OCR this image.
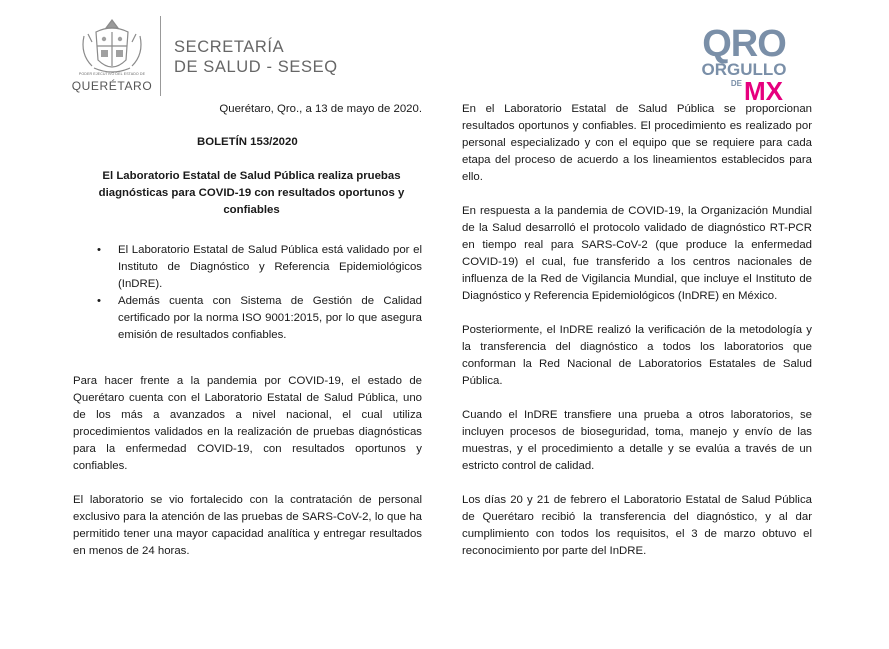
PODER EJECUTIVO DEL ESTADO DE
QUERÉTARO
SECRETARÍA
DE SALUD - SESEQ
QRO
ORGULLO
DE MX

Querétaro, Qro., a 13 de mayo de 2020.

BOLETÍN 153/2020

El Laboratorio Estatal de Salud Pública realiza pruebas diagnósticas para COVID-19 con resultados oportunos y confiables

• El Laboratorio Estatal de Salud Pública está validado por el Instituto de Diagnóstico y Referencia Epidemiológicos (InDRE).
• Además cuenta con Sistema de Gestión de Calidad certificado por la norma ISO 9001:2015, por lo que asegura emisión de resultados confiables.

Para hacer frente a la pandemia por COVID-19, el estado de Querétaro cuenta con el Laboratorio Estatal de Salud Pública, uno de los más a avanzados a nivel nacional, el cual utiliza procedimientos validados en la realización de pruebas diagnósticas para la enfermedad COVID-19, con resultados oportunos y confiables.

El laboratorio se vio fortalecido con la contratación de personal exclusivo para la atención de las pruebas de SARS-CoV-2, lo que ha permitido tener una mayor capacidad analítica y entregar resultados en menos de 24 horas.

En el Laboratorio Estatal de Salud Pública se proporcionan resultados oportunos y confiables. El procedimiento es realizado por personal especializado y con el equipo que se requiere para cada etapa del proceso de acuerdo a los lineamientos establecidos para ello.

En respuesta a la pandemia de COVID-19, la Organización Mundial de la Salud desarrolló el protocolo validado de diagnóstico RT-PCR en tiempo real para SARS-CoV-2 (que produce la enfermedad COVID-19) el cual, fue transferido a los centros nacionales de influenza de la Red de Vigilancia Mundial, que incluye el Instituto de Diagnóstico y Referencia Epidemiológicos (InDRE) en México.

Posteriormente, el InDRE realizó la verificación de la metodología y la transferencia del diagnóstico a todos los laboratorios que conforman la Red Nacional de Laboratorios Estatales de Salud Pública.

Cuando el InDRE transfiere una prueba a otros laboratorios, se incluyen procesos de bioseguridad, toma, manejo y envío de las muestras, y el procedimiento a detalle y se evalúa a través de un estricto control de calidad.

Los días 20 y 21 de febrero el Laboratorio Estatal de Salud Pública de Querétaro recibió la transferencia del diagnóstico, y al dar cumplimiento con todos los requisitos, el 3 de marzo obtuvo el reconocimiento por parte del InDRE.
